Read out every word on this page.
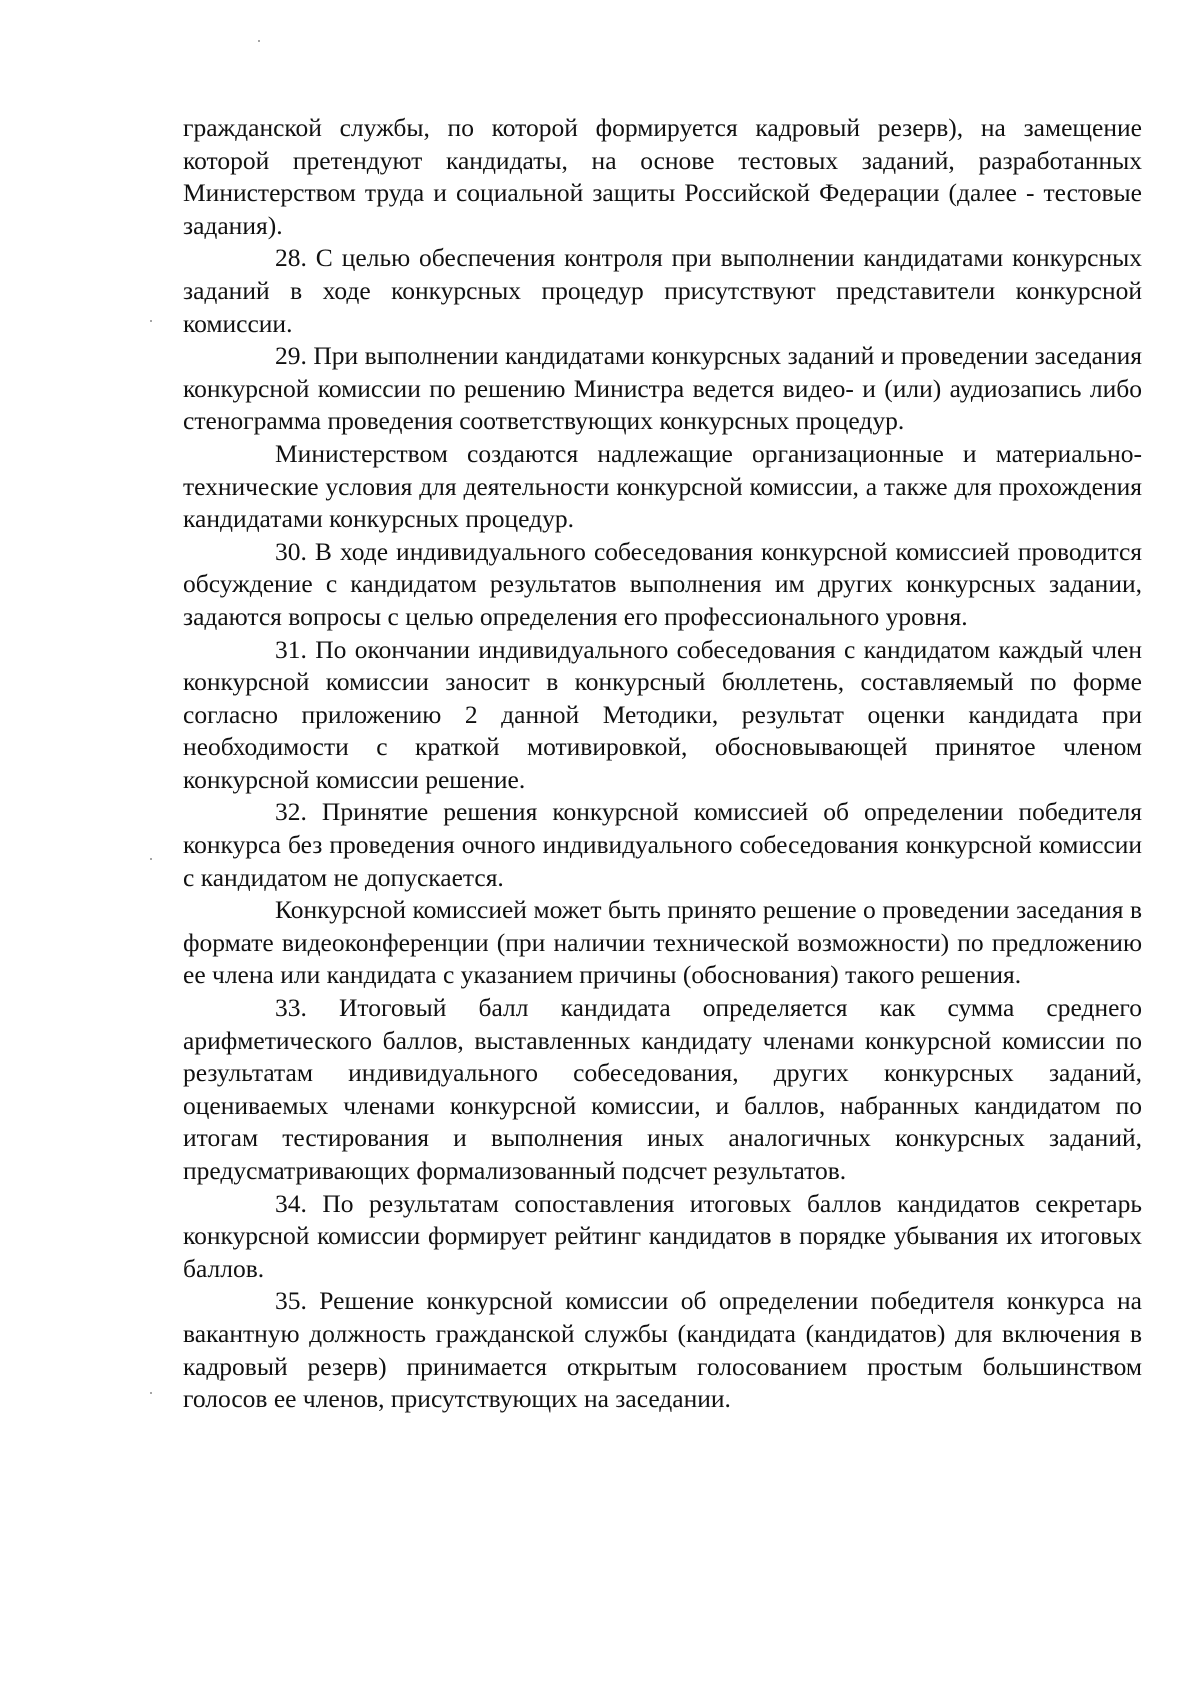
гражданской службы, по которой формируется кадровый резерв), на замещение которой претендуют кандидаты, на основе тестовых заданий, разработанных Министерством труда и социальной защиты Российской Федерации (далее - тестовые задания).

28. С целью обеспечения контроля при выполнении кандидатами конкурсных заданий в ходе конкурсных процедур присутствуют представители конкурсной комиссии.

29. При выполнении кандидатами конкурсных заданий и проведении заседания конкурсной комиссии по решению Министра ведется видео- и (или) аудиозапись либо стенограмма проведения соответствующих конкурсных процедур.

Министерством создаются надлежащие организационные и материально-технические условия для деятельности конкурсной комиссии, а также для прохождения кандидатами конкурсных процедур.

30. В ходе индивидуального собеседования конкурсной комиссией проводится обсуждение с кандидатом результатов выполнения им других конкурсных задании, задаются вопросы с целью определения его профессионального уровня.

31. По окончании индивидуального собеседования с кандидатом каждый член конкурсной комиссии заносит в конкурсный бюллетень, составляемый по форме согласно приложению 2 данной Методики, результат оценки кандидата при необходимости с краткой мотивировкой, обосновывающей принятое членом конкурсной комиссии решение.

32. Принятие решения конкурсной комиссией об определении победителя конкурса без проведения очного индивидуального собеседования конкурсной комиссии с кандидатом не допускается.

Конкурсной комиссией может быть принято решение о проведении заседания в формате видеоконференции (при наличии технической возможности) по предложению ее члена или кандидата с указанием причины (обоснования) такого решения.

33. Итоговый балл кандидата определяется как сумма среднего арифметического баллов, выставленных кандидату членами конкурсной комиссии по результатам индивидуального собеседования, других конкурсных заданий, оцениваемых членами конкурсной комиссии, и баллов, набранных кандидатом по итогам тестирования и выполнения иных аналогичных конкурсных заданий, предусматривающих формализованный подсчет результатов.

34. По результатам сопоставления итоговых баллов кандидатов секретарь конкурсной комиссии формирует рейтинг кандидатов в порядке убывания их итоговых баллов.

35. Решение конкурсной комиссии об определении победителя конкурса на вакантную должность гражданской службы (кандидата (кандидатов) для включения в кадровый резерв) принимается открытым голосованием простым большинством голосов ее членов, присутствующих на заседании.
